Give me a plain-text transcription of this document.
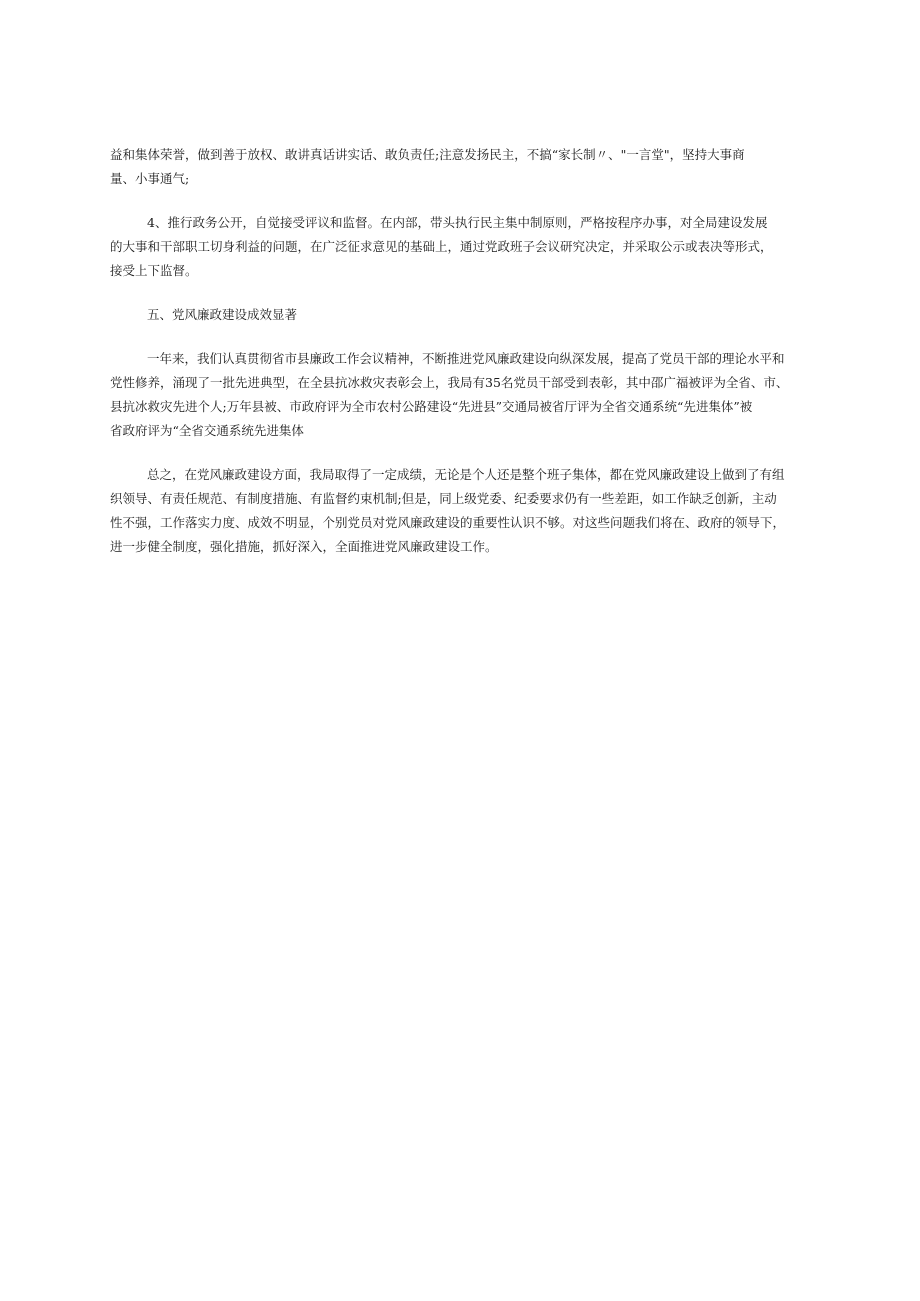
益和集体荣誉，做到善于放权、敢讲真话讲实话、敢负责任;注意发扬民主，不搞“家长制〃、"一言堂"，坚持大事商
量、小事通气;

4、推行政务公开，自觉接受评议和监督。在内部，带头执行民主集中制原则，严格按程序办事，对全局建设发展
的大事和干部职工切身利益的问题，在广泛征求意见的基础上，通过党政班子会议研究决定，并采取公示或表决等形式，
接受上下监督。

五、党风廉政建设成效显著

一年来，我们认真贯彻省市县廉政工作会议精神，不断推进党风廉政建设向纵深发展，提高了党员干部的理论水平和
党性修养，涌现了一批先进典型，在全县抗冰救灾表彰会上，我局有35名党员干部受到表彰，其中邵广福被评为全省、市、
县抗冰救灾先进个人;万年县被、市政府评为全市农村公路建设“先进县”交通局被省厅评为全省交通系统“先进集体”被
省政府评为“全省交通系统先进集体

总之，在党风廉政建设方面，我局取得了一定成绩，无论是个人还是整个班子集体，都在党风廉政建设上做到了有组
织领导、有责任规范、有制度措施、有监督约束机制;但是，同上级党委、纪委要求仍有一些差距，如工作缺乏创新，主动
性不强，工作落实力度、成效不明显，个别党员对党风廉政建设的重要性认识不够。对这些问题我们将在、政府的领导下，
进一步健全制度，强化措施，抓好深入，全面推进党风廉政建设工作。
